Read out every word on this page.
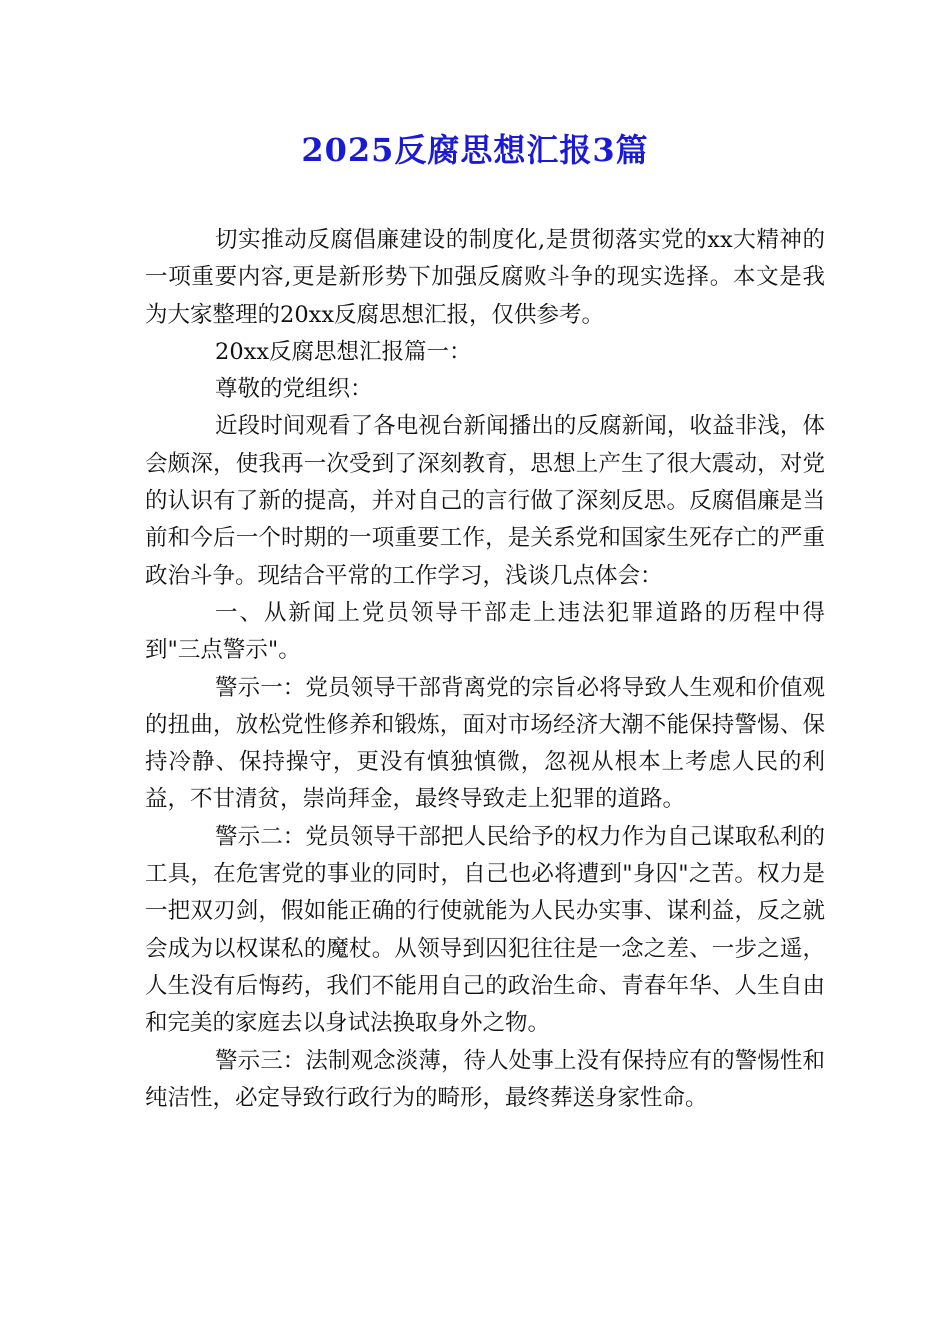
2025反腐思想汇报3篇

切实推动反腐倡廉建设的制度化,是贯彻落实党的xx大精神的一项重要内容,更是新形势下加强反腐败斗争的现实选择。本文是我为大家整理的20xx反腐思想汇报，仅供参考。

20xx反腐思想汇报篇一：

尊敬的党组织：

近段时间观看了各电视台新闻播出的反腐新闻，收益非浅，体会颇深，使我再一次受到了深刻教育，思想上产生了很大震动，对党的认识有了新的提高，并对自己的言行做了深刻反思。反腐倡廉是当前和今后一个时期的一项重要工作，是关系党和国家生死存亡的严重政治斗争。现结合平常的工作学习，浅谈几点体会：

一、从新闻上党员领导干部走上违法犯罪道路的历程中得到"三点警示"。

警示一：党员领导干部背离党的宗旨必将导致人生观和价值观的扭曲，放松党性修养和锻炼，面对市场经济大潮不能保持警惕、保持冷静、保持操守，更没有慎独慎微，忽视从根本上考虑人民的利益，不甘清贫，崇尚拜金，最终导致走上犯罪的道路。

警示二：党员领导干部把人民给予的权力作为自己谋取私利的工具，在危害党的事业的同时，自己也必将遭到"身囚"之苦。权力是一把双刃剑，假如能正确的行使就能为人民办实事、谋利益，反之就会成为以权谋私的魔杖。从领导到囚犯往往是一念之差、一步之遥，人生没有后悔药，我们不能用自己的政治生命、青春年华、人生自由和完美的家庭去以身试法换取身外之物。

警示三：法制观念淡薄，待人处事上没有保持应有的警惕性和纯洁性，必定导致行政行为的畸形，最终葬送身家性命。
